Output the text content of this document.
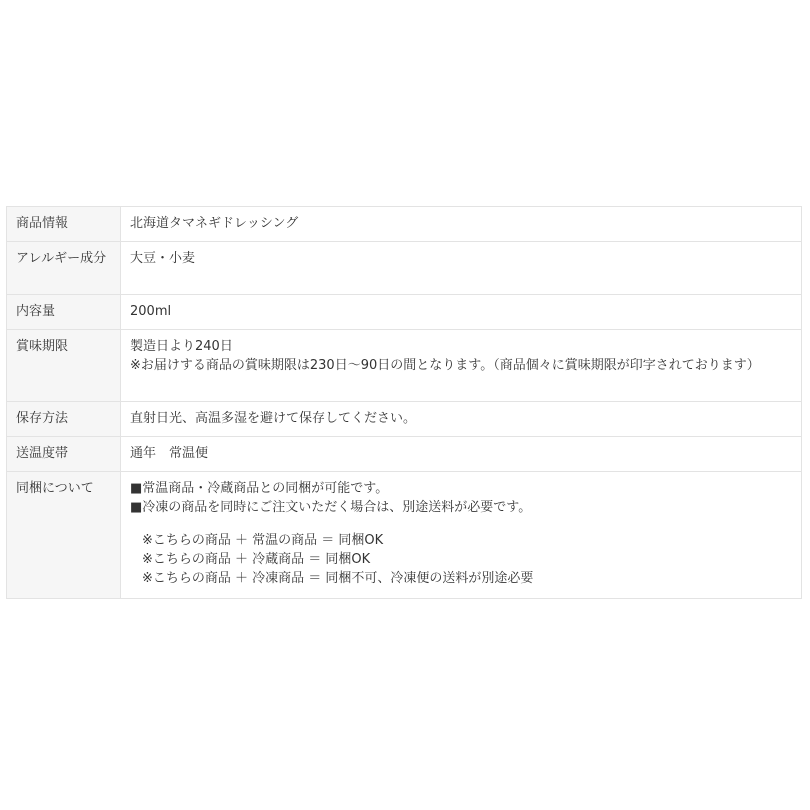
商品情報	北海道タマネギドレッシング

アレルギー成分	大豆・小麦

内容量	200ml

賞味期限	製造日より240日
※お届けする商品の賞味期限は230日〜90日の間となります。（商品個々に賞味期限が印字されております）

保存方法	直射日光、高温多湿を避けて保存してください。

送温度帯	通年　常温便

同梱について	■常温商品・冷蔵商品との同梱が可能です。
■冷凍の商品を同時にご注文いただく場合は、別途送料が必要です。
※こちらの商品 ＋ 常温の商品 ＝ 同梱OK
※こちらの商品 ＋ 冷蔵商品 ＝ 同梱OK
※こちらの商品 ＋ 冷凍商品 ＝ 同梱不可、冷凍便の送料が別途必要
